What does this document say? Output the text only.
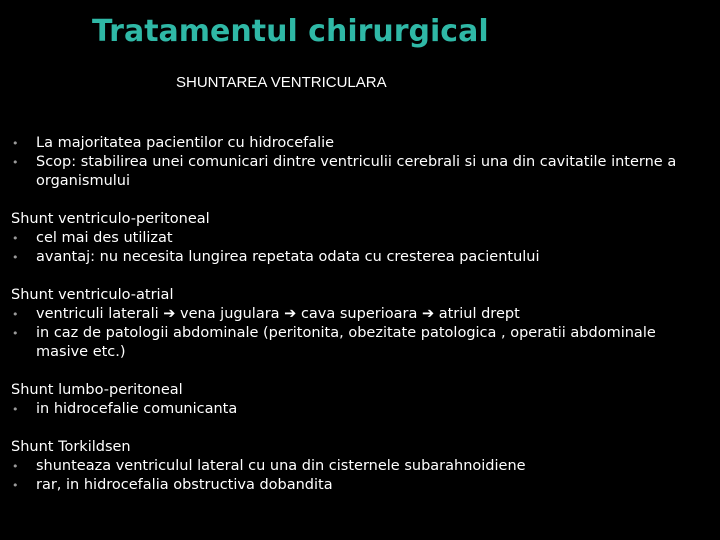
Tratamentul chirurgical
SHUNTAREA VENTRICULARA
• La majoritatea pacientilor cu hidrocefalie
• Scop: stabilirea unei comunicari dintre ventriculii cerebrali si una din cavitatile interne a organismului
Shunt ventriculo-peritoneal
• cel mai des utilizat
• avantaj: nu necesita lungirea repetata odata cu cresterea pacientului
Shunt ventriculo-atrial
• ventriculi laterali ➔ vena jugulara ➔ cava superioara ➔ atriul drept
• in caz de patologii abdominale (peritonita, obezitate patologica , operatii abdominale masive etc.)
Shunt lumbo-peritoneal
• in hidrocefalie comunicanta
Shunt Torkildsen
• shunteaza ventriculul lateral cu una din cisternele subarahnoidiene
• rar, in hidrocefalia obstructiva dobandita
